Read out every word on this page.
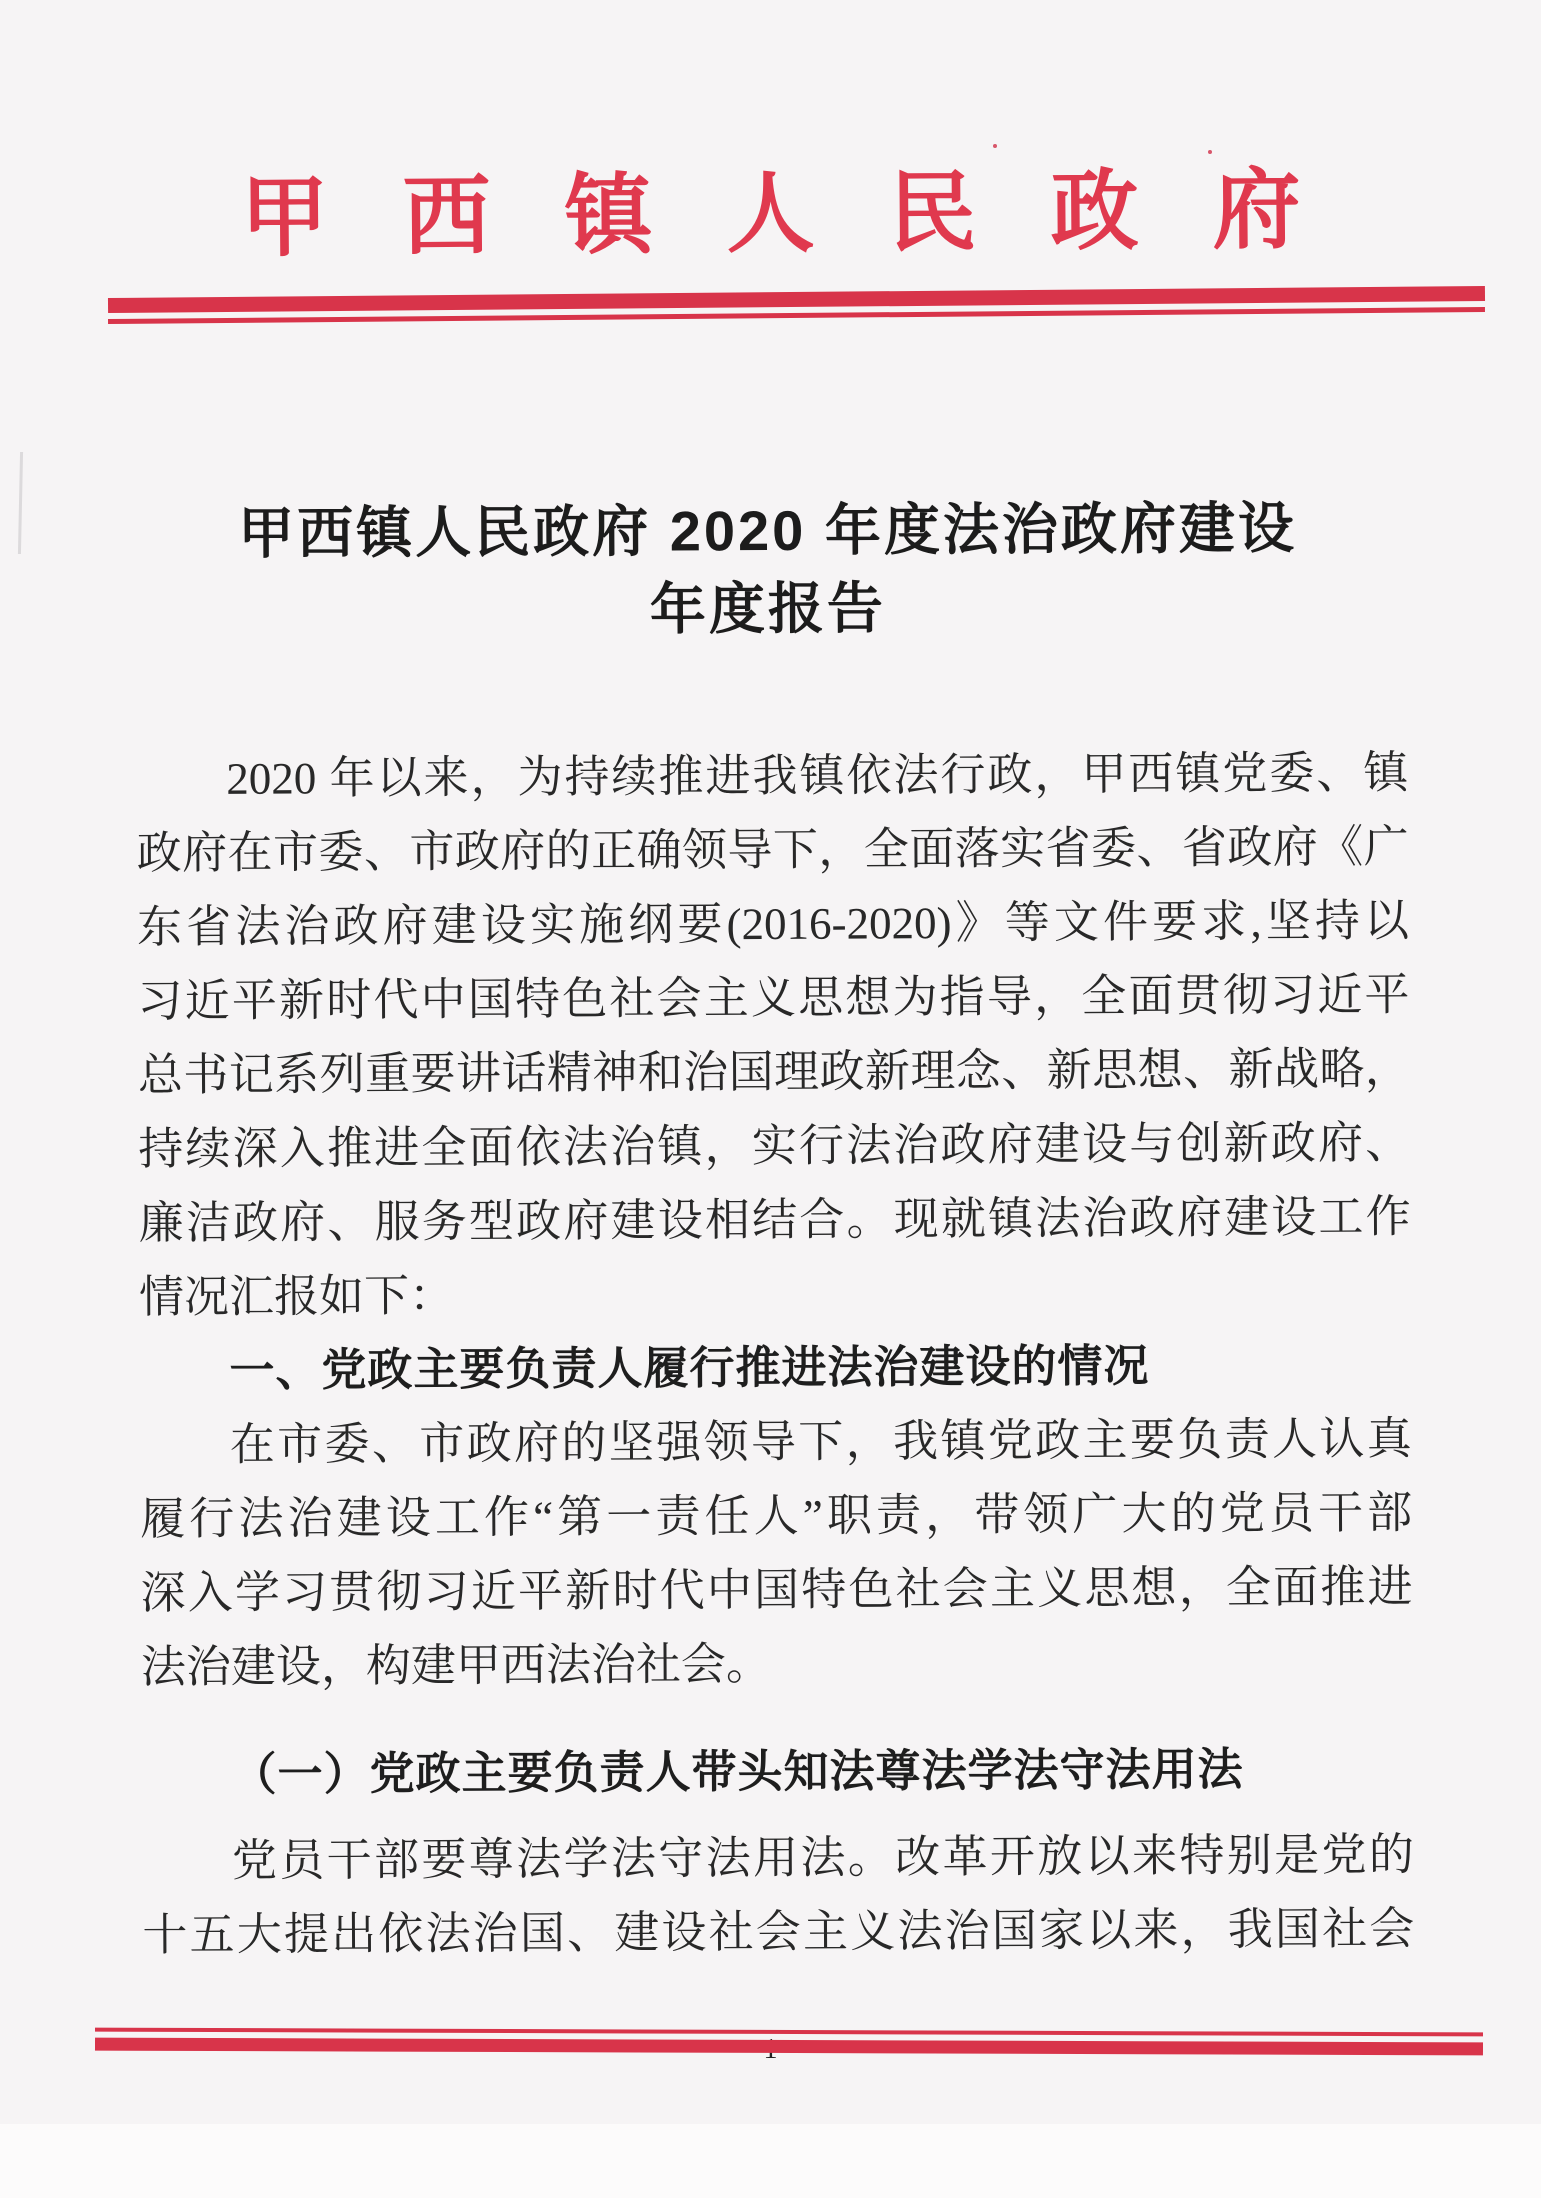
甲西镇人民政府
甲西镇人民政府 2020 年度法治政府建设
年度报告
2020 年以来，为持续推进我镇依法行政，甲西镇党委、镇
政府在市委、市政府的正确领导下，全面落实省委、省政府《广
东省法治政府建设实施纲要(2016-2020)》等文件要求,坚持以
习近平新时代中国特色社会主义思想为指导，全面贯彻习近平
总书记系列重要讲话精神和治国理政新理念、新思想、新战略，
持续深入推进全面依法治镇，实行法治政府建设与创新政府、
廉洁政府、服务型政府建设相结合。现就镇法治政府建设工作
情况汇报如下：
一、党政主要负责人履行推进法治建设的情况
在市委、市政府的坚强领导下，我镇党政主要负责人认真
履行法治建设工作“第一责任人”职责，带领广大的党员干部
深入学习贯彻习近平新时代中国特色社会主义思想，全面推进
法治建设，构建甲西法治社会。
（一）党政主要负责人带头知法尊法学法守法用法
党员干部要尊法学法守法用法。改革开放以来特别是党的
十五大提出依法治国、建设社会主义法治国家以来，我国社会
